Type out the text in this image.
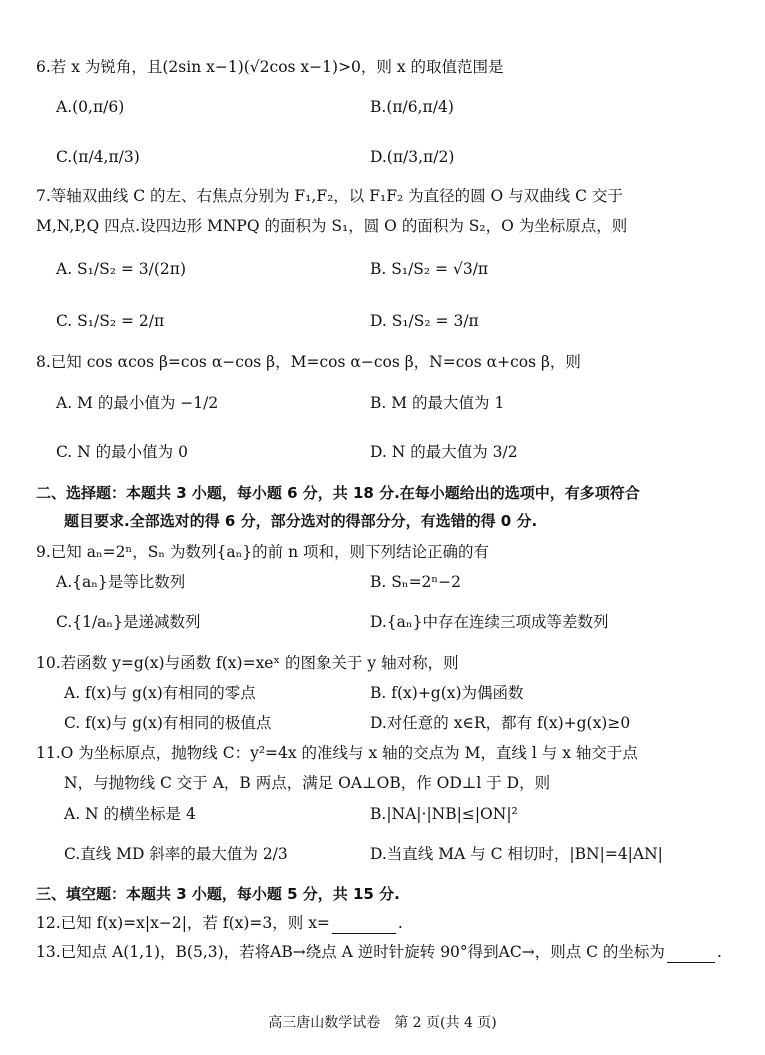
6.若 x 为锐角，且(2sin x−1)(√2cos x−1)>0，则 x 的取值范围是
A.(0,π/6)	B.(π/6,π/4)
C.(π/4,π/3)	D.(π/3,π/2)
7.等轴双曲线 C 的左、右焦点分别为 F₁,F₂，以 F₁F₂ 为直径的圆 O 与双曲线 C 交于
M,N,P,Q 四点.设四边形 MNPQ 的面积为 S₁，圆 O 的面积为 S₂，O 为坐标原点，则
A. S₁/S₂ = 3/(2π)	B. S₁/S₂ = √3/π
C. S₁/S₂ = 2/π	D. S₁/S₂ = 3/π
8.已知 cos αcos β=cos α−cos β，M=cos α−cos β，N=cos α+cos β，则
A. M 的最小值为 −1/2	B. M 的最大值为 1
C. N 的最小值为 0	D. N 的最大值为 3/2
二、选择题：本题共 3 小题，每小题 6 分，共 18 分.在每小题给出的选项中，有多项符合
题目要求.全部选对的得 6 分，部分选对的得部分分，有选错的得 0 分.
9.已知 aₙ=2ⁿ，Sₙ 为数列{aₙ}的前 n 项和，则下列结论正确的有
A.{aₙ}是等比数列	B. Sₙ=2ⁿ−2
C.{1/aₙ}是递减数列	D.{aₙ}中存在连续三项成等差数列
10.若函数 y=g(x)与函数 f(x)=xeˣ 的图象关于 y 轴对称，则
A. f(x)与 g(x)有相同的零点	B. f(x)+g(x)为偶函数
C. f(x)与 g(x)有相同的极值点	D.对任意的 x∈R，都有 f(x)+g(x)≥0
11.O 为坐标原点，抛物线 C：y²=4x 的准线与 x 轴的交点为 M，直线 l 与 x 轴交于点
N，与抛物线 C 交于 A，B 两点，满足 OA⊥OB，作 OD⊥l 于 D，则
A. N 的横坐标是 4	B.|NA|·|NB|≤|ON|²
C.直线 MD 斜率的最大值为 2/3	D.当直线 MA 与 C 相切时，|BN|=4|AN|
三、填空题：本题共 3 小题，每小题 5 分，共 15 分.
12.已知 f(x)=x|x−2|，若 f(x)=3，则 x=	.
13.已知点 A(1,1)，B(5,3)，若将AB→绕点 A 逆时针旋转 90°得到AC→，则点 C 的坐标为	.
高三唐山数学试卷　第 2 页(共 4 页)
